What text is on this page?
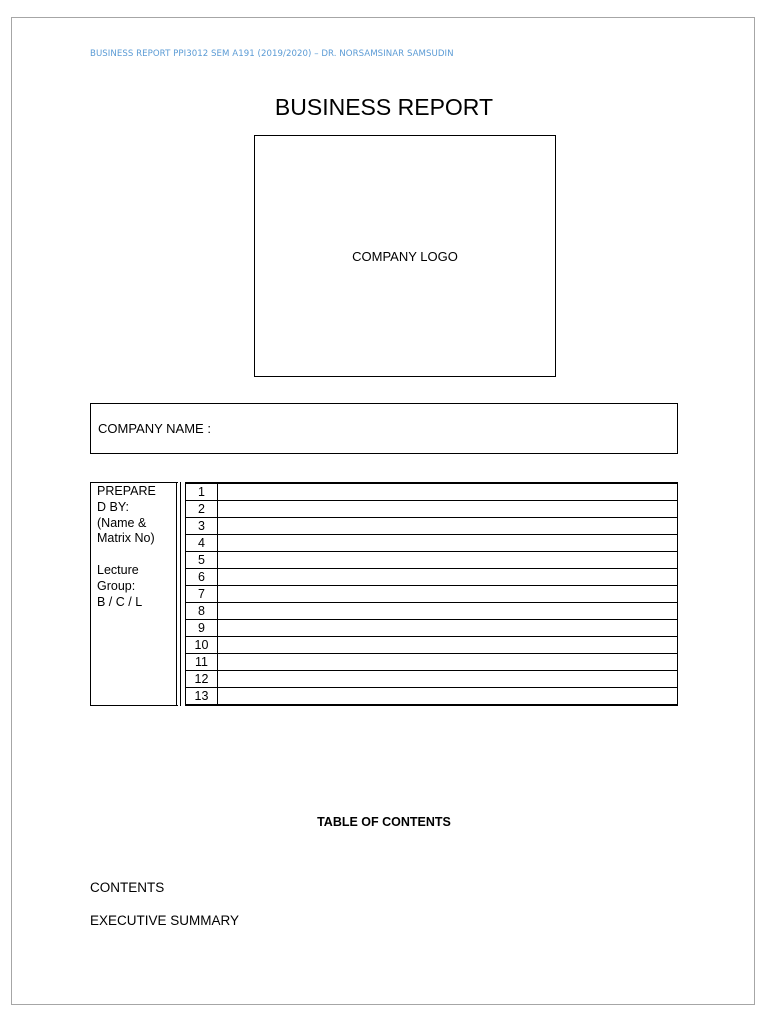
BUSINESS REPORT PPI3012 SEM A191 (2019/2020) – DR. NORSAMSINAR SAMSUDIN
BUSINESS REPORT
COMPANY LOGO
COMPANY NAME :
PREPARE
D BY:
(Name &
Matrix No)

Lecture
Group:
B / C / L
1
2
3
4
5
6
7
8
9
10
11
12
13
TABLE OF CONTENTS
CONTENTS
EXECUTIVE SUMMARY
